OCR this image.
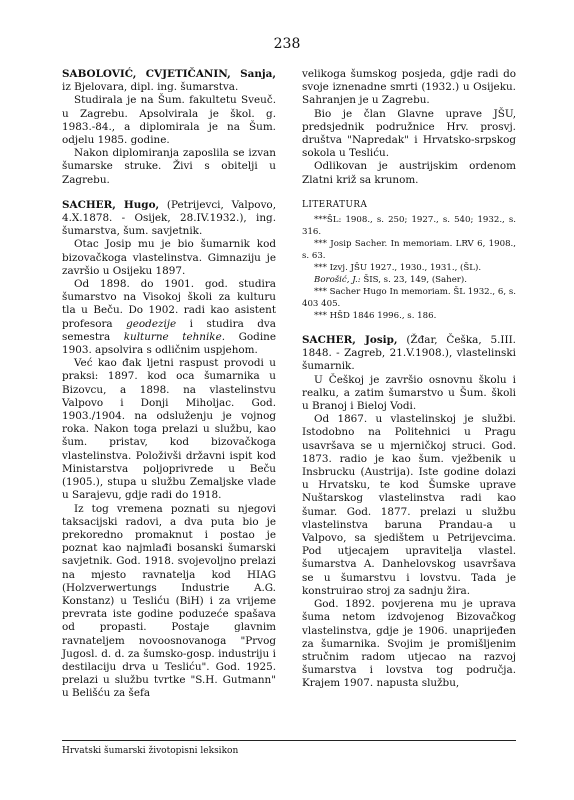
238

SABOLOVIĆ, CVJETIČANIN, Sanja, iz Bjelovara, dipl. ing. šumarstva.

Studirala je na Šum. fakultetu Sveuč. u Zagrebu. Apsolvirala je škol. g. 1983.-84., a diplomirala je na Šum. odjelu 1985. godine.

Nakon diplomiranja zaposlila se izvan šumarske struke. Živi s obitelji u Zagrebu.

SACHER, Hugo, (Petrijevci, Valpovo, 4.X.1878. - Osijek, 28.IV.1932.), ing. šumarstva, šum. savjetnik.

Otac Josip mu je bio šumarnik kod bizovačkoga vlastelinstva. Gimnaziju je završio u Osijeku 1897.

Od 1898. do 1901. god. studira šumarstvo na Visokoj školi za kulturu tla u Beču. Do 1902. radi kao asistent profesora geodezije i studira dva semestra kulturne tehnike. Godine 1903. apsolvira s odličnim uspjehom.

Već kao đak ljetni raspust provodi u praksi: 1897. kod oca šumarnika u Bizovcu, a 1898. na vlastelinstvu Valpovo i Donji Miholjac. God. 1903./1904. na odsluženju je vojnog roka. Nakon toga prelazi u službu, kao šum. pristav, kod bizovačkoga vlastelinstva. Položivši državni ispit kod Ministarstva poljoprivrede u Beču (1905.), stupa u službu Zemaljske vlade u Sarajevu, gdje radi do 1918.

Iz tog vremena poznati su njegovi taksacijski radovi, a dva puta bio je prekoredno promaknut i postao je poznat kao najmlađi bosanski šumarski savjetnik. God. 1918. svojevoljno prelazi na mjesto ravnatelja kod HIAG (Holzverwertungs Industrie A.G. Konstanz) u Tesliću (BiH) i za vrijeme prevrata iste godine poduzeće spašava od propasti. Postaje glavnim ravnateljem novoosnovanoga "Prvog Jugosl. d. d. za šumsko-gosp. industriju i destilaciju drva u Tesliću". God. 1925. prelazi u službu tvrtke "S.H. Gutmann" u Belišću za šefa

velikoga šumskog posjeda, gdje radi do svoje iznenadne smrti (1932.) u Osijeku. Sahranjen je u Zagrebu.

Bio je član Glavne uprave JŠU, predsjednik podružnice Hrv. prosvj. društva "Napredak" i Hrvatsko-srpskog sokola u Tesliću.

Odlikovan je austrijskim ordenom Zlatni križ sa krunom.

LITERATURA

***ŠL: 1908., s. 250; 1927., s. 540; 1932., s. 316.

*** Josip Sacher. In memoriam. LRV 6, 1908., s. 63.

*** Izvj. JŠU 1927., 1930., 1931., (ŠL).

Borošić, J.: ŠIS, s. 23, 149, (Saher).

*** Sacher Hugo In memoriam. ŠL 1932., 6, s. 403 405.

*** HŠD 1846 1996., s. 186.

SACHER, Josip, (Žđar, Češka, 5.III. 1848. - Zagreb, 21.V.1908.), vlastelinski šumarnik.

U Češkoj je završio osnovnu školu i realku, a zatim šumarstvo u Šum. školi u Branoj i Bieloj Vodi.

Od 1867. u vlastelinskoj je službi. Istodobno na Politehnici u Pragu usavršava se u mjerničkoj struci. God. 1873. radio je kao šum. vježbenik u Insbrucku (Austrija). Iste godine dolazi u Hrvatsku, te kod Šumske uprave Nuštarskog vlastelinstva radi kao šumar. God. 1877. prelazi u službu vlastelinstva baruna Prandau-a u Valpovo, sa sjedištem u Petrijevcima. Pod utjecajem upravitelja vlastel. šumarstva A. Danhelovskog usavršava se u šumarstvu i lovstvu. Tada je konstruirao stroj za sadnju žira.

God. 1892. povjerena mu je uprava šuma netom izdvojenog Bizovačkog vlastelinstva, gdje je 1906. unaprijeđen za šumarnika. Svojim je promišljenim stručnim radom utjecao na razvoj šumarstva i lovstva tog područja. Krajem 1907. napusta službu,

Hrvatski šumarski životopisni leksikon
